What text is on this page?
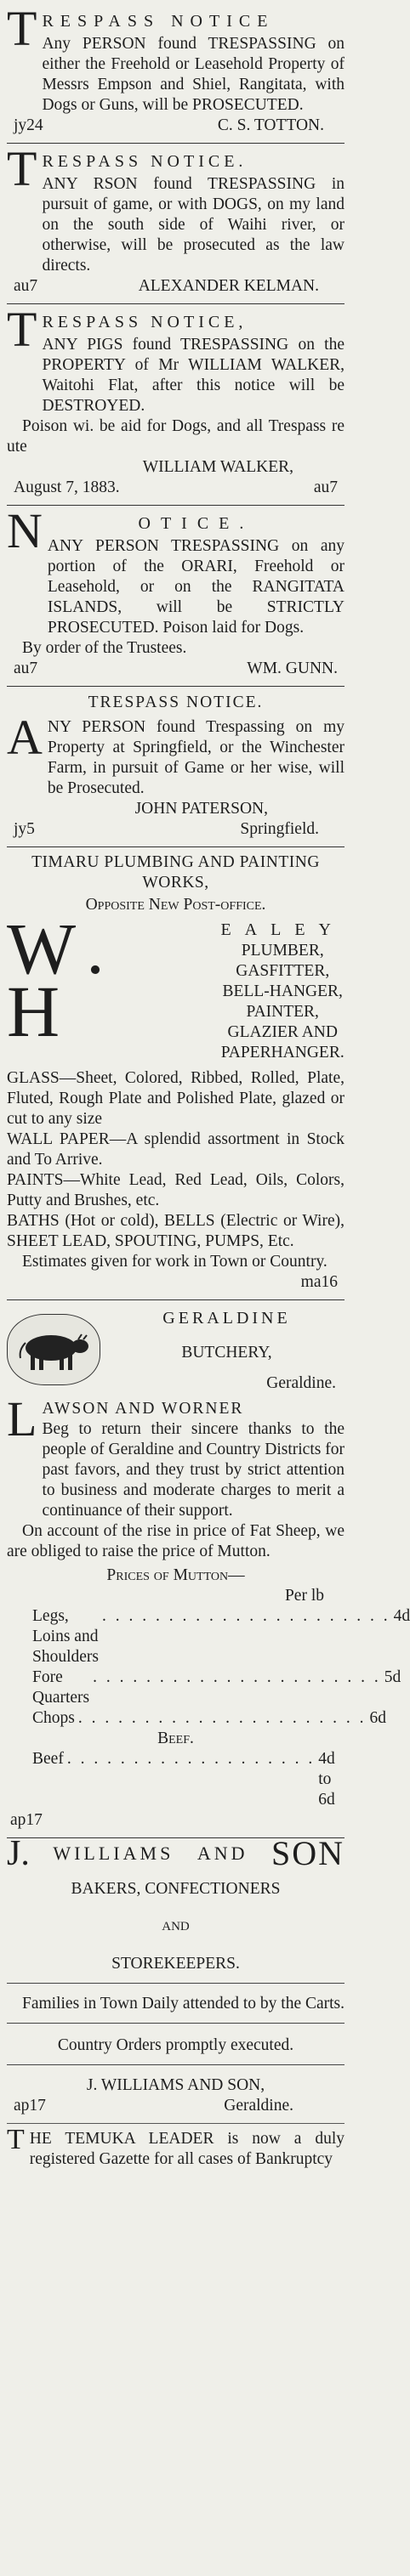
T RESPASS NOTICE

Any PERSON found TRESPASSING on either the Freehold or Leasehold Property of Messrs Empson and Shiel, Rangitata, with Dogs or Guns, will be PROSECUTED.

jy24	C. S. TOTTON.
T RESPASS NOTICE.

ANY RSON found TRESPASSING in pursuit of game, or with DOGS, on my land on the south side of Waihi river, or otherwise, will be prosecuted as the law directs.

au7	ALEXANDER KELMAN.
T RESPASS NOTICE,

ANY PIGS found TRESPASSING on the PROPERTY of Mr WILLIAM WALKER, Waitohi Flat, after this notice will be DESTROYED.

Poison wi. be aid for Dogs, and all Trespass re ute

WILLIAM WALKER,
August 7, 1883.	au7
N	OTICE.

ANY PERSON TRESPASSING on any portion of the ORARI, Freehold or Leasehold, or on the RANGITATA ISLANDS, will be STRICTLY PROSECUTED. Poison laid for Dogs.

By order of the Trustees.
au7	WM. GUNN.
TRESPASS NOTICE.
A NY PERSON found Trespassing on my Property at Springfield, or the Winchester Farm, in pursuit of Game or her wise, will be Prosecuted.

JOHN PATERSON,
jy5	Springfield.
TIMARU PLUMBING AND PAINTING WORKS,
Opposite New Post-office.
W. H
EALEY

PLUMBER, GASFITTER, BELL-HANGER, PAINTER, GLAZIER AND PAPERHANGER.

GLASS—Sheet, Colored, Ribbed, Rolled, Plate, Fluted, Rough Plate and Polished Plate, glazed or cut to any size

WALL PAPER—A splendid assortment in Stock and To Arrive.

PAINTS—White Lead, Red Lead, Oils, Colors, Putty and Brushes, etc.

BATHS (Hot or cold), BELLS (Electric or Wire), SHEET LEAD, SPOUTING, PUMPS, Etc.

Estimates given for work in Town or Country.

ma16
GERALDINE
BUTCHERY,
Geraldine.
L AWSON AND WORNER

Beg to return their sincere thanks to the people of Geraldine and Country Districts for past favors, and they trust by strict attention to business and moderate charges to merit a continuance of their support.

On account of the rise in price of Fat Sheep, we are obliged to raise the price of Mutton.

Prices of Mutton—
Per lb
Legs, Loins and Shoulders
. . . . . . . . . . . . . . . . . . . . . . 4d
Fore Quarters
. . . . . . . . . . . . . . . . . . . . . . 5d
Chops . . . . . . . . . . . . . . . . . . . . . . 6d
Beef.
Beef . . . . . . . . . . . . . . . . . . . 4d to 6d
ap17
J. WILLIAMS AND SON
BAKERS, CONFECTIONERS
AND
STOREKEEPERS.

Families in Town Daily attended to by the Carts.

Country Orders promptly executed.
J. WILLIAMS AND SON,
ap17	Geraldine.
T HE TEMUKA LEADER is now a duly registered Gazette for all cases of Bankruptcy
